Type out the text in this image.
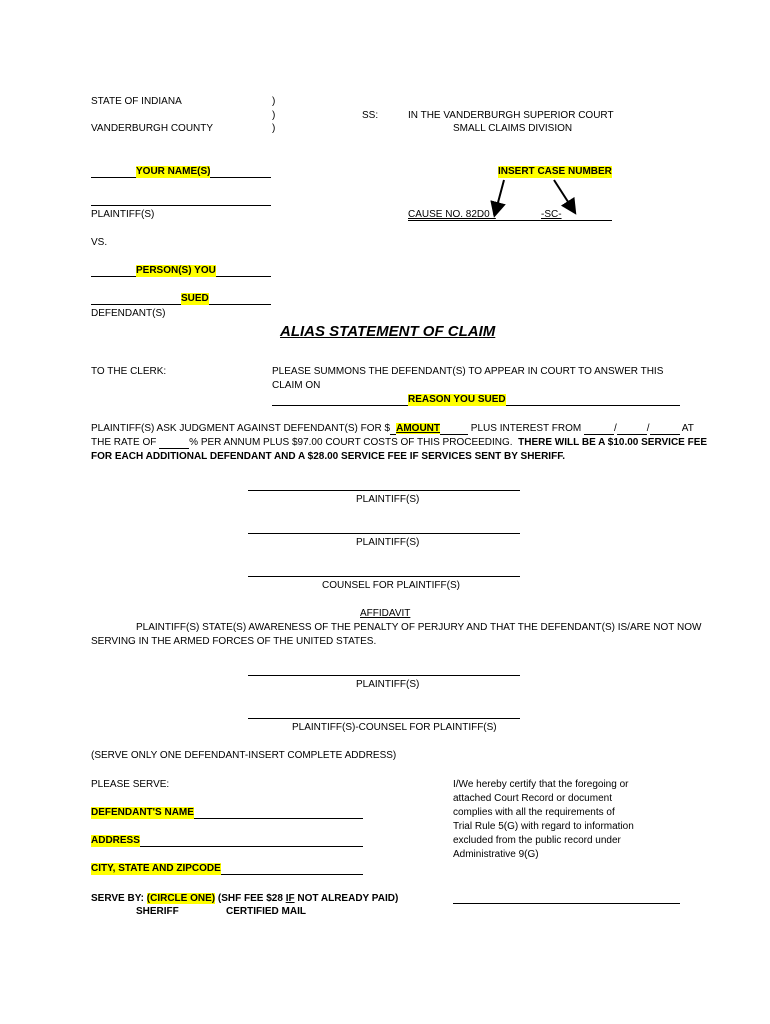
STATE OF INDIANA
VANDERBURGH COUNTY
)
)
)
SS:	IN THE VANDERBURGH SUPERIOR COURT
SMALL CLAIMS DIVISION
YOUR NAME(S)
PLAINTIFF(S)
INSERT CASE NUMBER
CAUSE NO. 82D0 -	-SC-
VS.
PERSON(S) YOU
SUED
DEFENDANT(S)
ALIAS STATEMENT OF CLAIM
TO THE CLERK:	PLEASE SUMMONS THE DEFENDANT(S) TO APPEAR IN COURT TO ANSWER THIS
CLAIM ON
REASON YOU SUED
PLAINTIFF(S) ASK JUDGMENT AGAINST DEFENDANT(S) FOR $ AMOUNT	PLUS INTEREST FROM	/	/	AT
THE RATE OF	% PER ANNUM PLUS $97.00 COURT COSTS OF THIS PROCEEDING. THERE WILL BE A $10.00 SERVICE FEE
FOR EACH ADDITIONAL DEFENDANT AND A $28.00 SERVICE FEE IF SERVICES SENT BY SHERIFF.
PLAINTIFF(S)
PLAINTIFF(S)
COUNSEL FOR PLAINTIFF(S)
AFFIDAVIT
PLAINTIFF(S) STATE(S) AWARENESS OF THE PENALTY OF PERJURY AND THAT THE DEFENDANT(S) IS/ARE NOT NOW
SERVING IN THE ARMED FORCES OF THE UNITED STATES.
PLAINTIFF(S)
PLAINTIFF(S)-COUNSEL FOR PLAINTIFF(S)
(SERVE ONLY ONE DEFENDANT-INSERT COMPLETE ADDRESS)
PLEASE SERVE:
DEFENDANT'S NAME
ADDRESS
CITY, STATE AND ZIPCODE
SERVE BY: (CIRCLE ONE) (SHF FEE $28 IF NOT ALREADY PAID)
SHERIFF	CERTIFIED MAIL
I/We hereby certify that the foregoing or
attached Court Record or document
complies with all the requirements of
Trial Rule 5(G) with regard to information
excluded from the public record under
Administrative 9(G)
